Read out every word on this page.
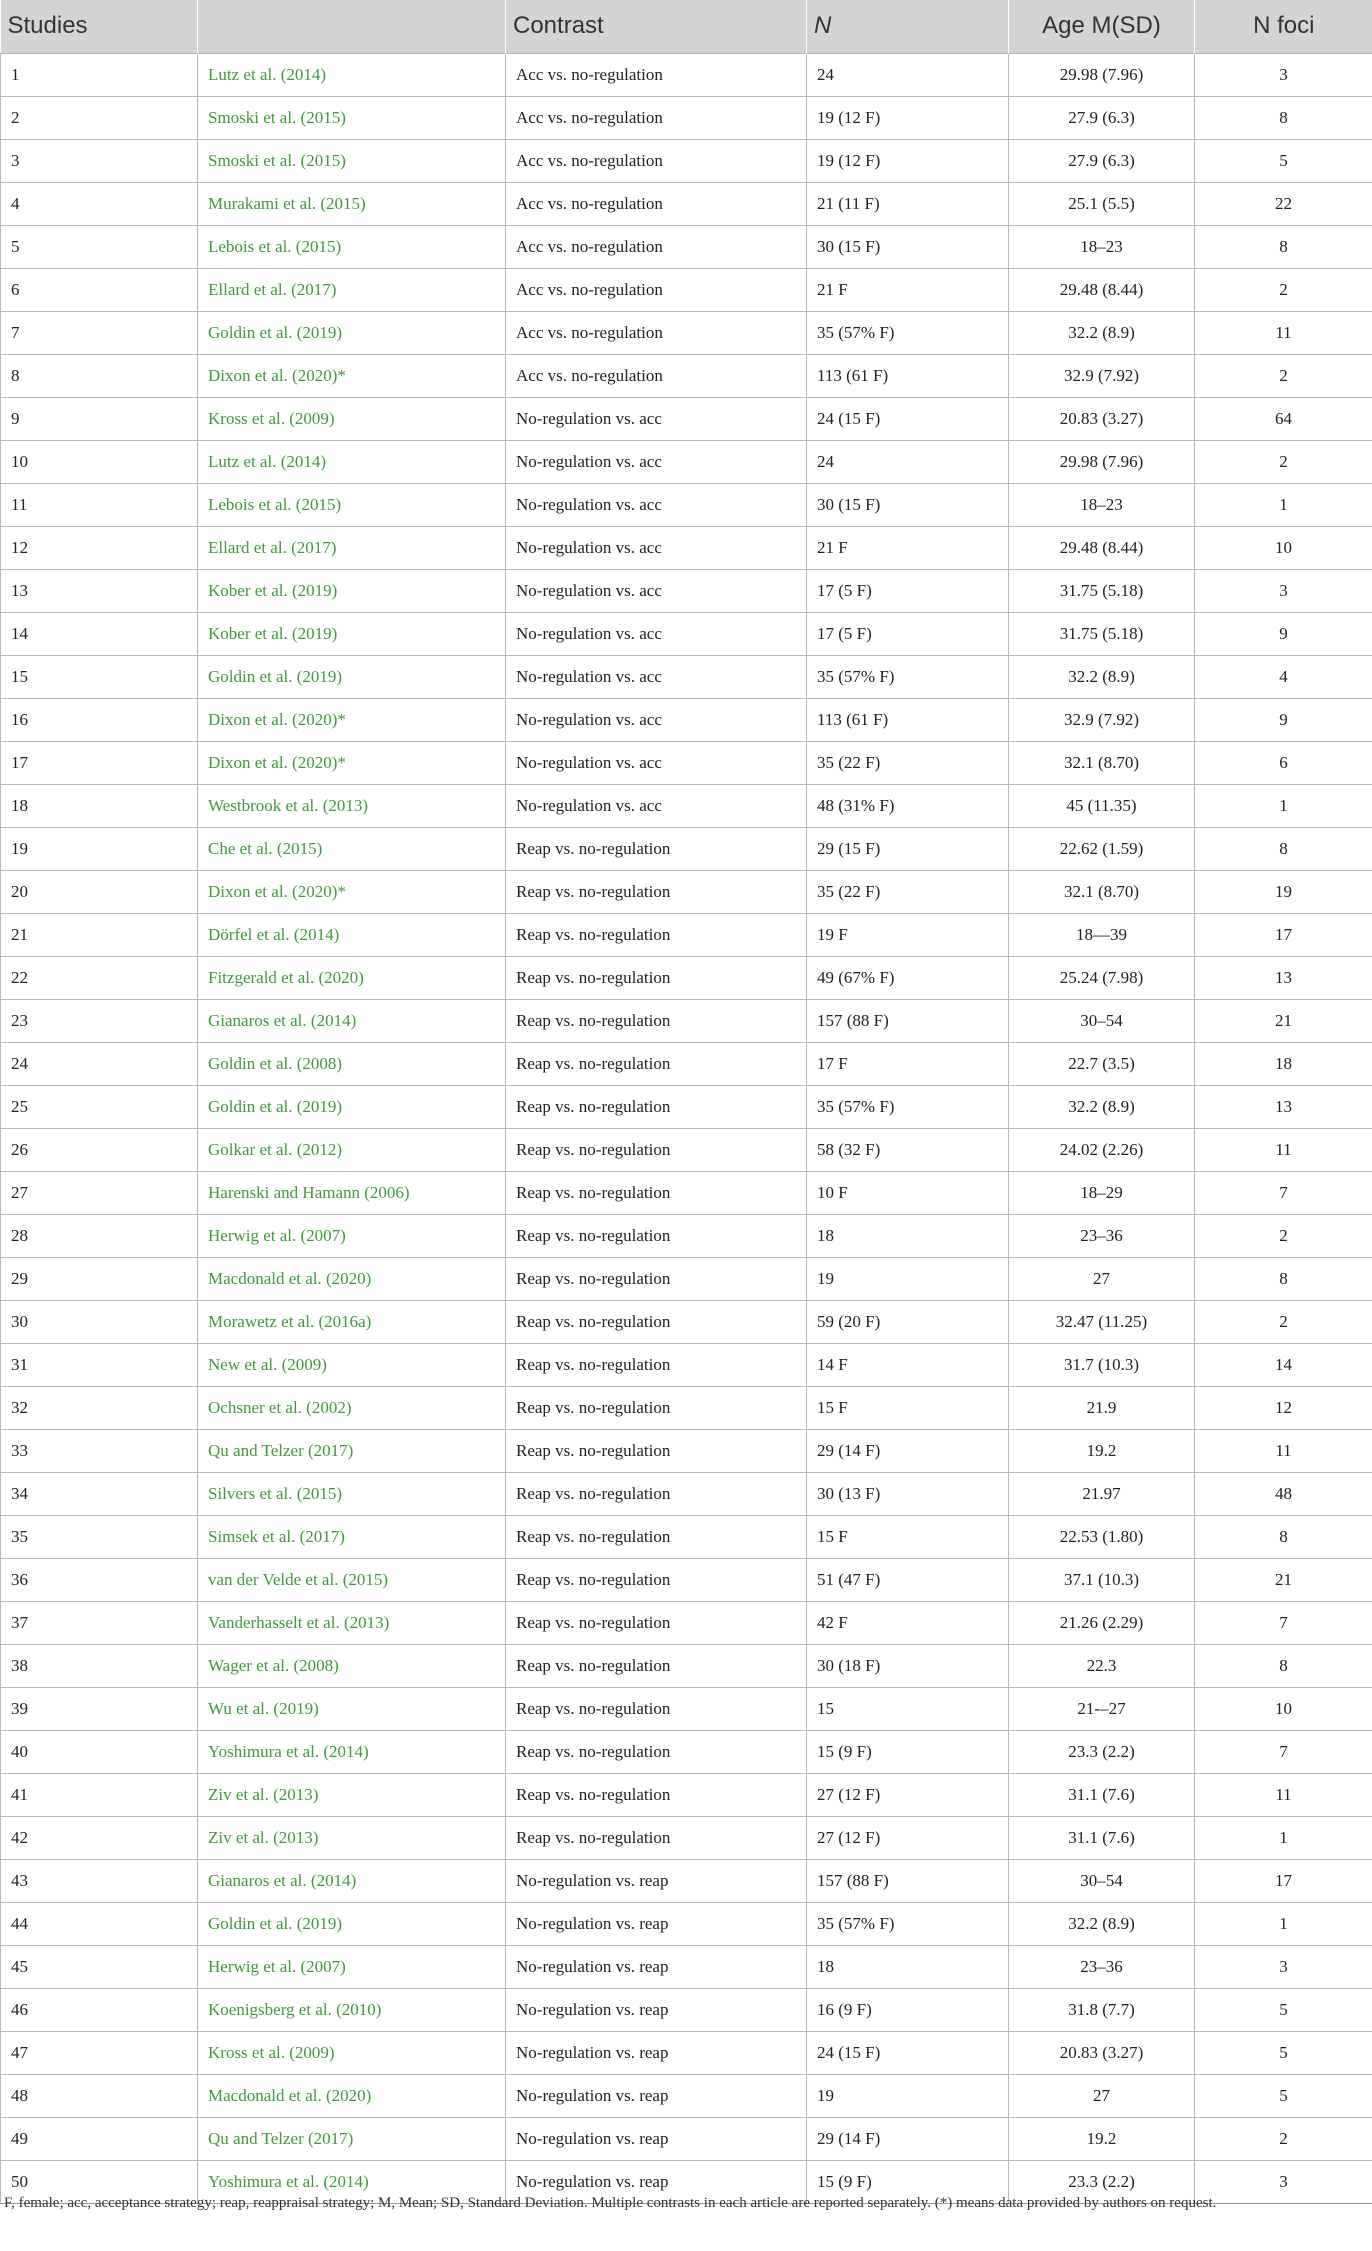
Studies		Contrast	N	Age M(SD)	N foci
1	Lutz et al. (2014)	Acc vs. no-regulation	24	29.98 (7.96)	3
2	Smoski et al. (2015)	Acc vs. no-regulation	19 (12 F)	27.9 (6.3)	8
3	Smoski et al. (2015)	Acc vs. no-regulation	19 (12 F)	27.9 (6.3)	5
4	Murakami et al. (2015)	Acc vs. no-regulation	21 (11 F)	25.1 (5.5)	22
5	Lebois et al. (2015)	Acc vs. no-regulation	30 (15 F)	18–23	8
6	Ellard et al. (2017)	Acc vs. no-regulation	21 F	29.48 (8.44)	2
7	Goldin et al. (2019)	Acc vs. no-regulation	35 (57% F)	32.2 (8.9)	11
8	Dixon et al. (2020)*	Acc vs. no-regulation	113 (61 F)	32.9 (7.92)	2
9	Kross et al. (2009)	No-regulation vs. acc	24 (15 F)	20.83 (3.27)	64
10	Lutz et al. (2014)	No-regulation vs. acc	24	29.98 (7.96)	2
11	Lebois et al. (2015)	No-regulation vs. acc	30 (15 F)	18–23	1
12	Ellard et al. (2017)	No-regulation vs. acc	21 F	29.48 (8.44)	10
13	Kober et al. (2019)	No-regulation vs. acc	17 (5 F)	31.75 (5.18)	3
14	Kober et al. (2019)	No-regulation vs. acc	17 (5 F)	31.75 (5.18)	9
15	Goldin et al. (2019)	No-regulation vs. acc	35 (57% F)	32.2 (8.9)	4
16	Dixon et al. (2020)*	No-regulation vs. acc	113 (61 F)	32.9 (7.92)	9
17	Dixon et al. (2020)*	No-regulation vs. acc	35 (22 F)	32.1 (8.70)	6
18	Westbrook et al. (2013)	No-regulation vs. acc	48 (31% F)	45 (11.35)	1
19	Che et al. (2015)	Reap vs. no-regulation	29 (15 F)	22.62 (1.59)	8
20	Dixon et al. (2020)*	Reap vs. no-regulation	35 (22 F)	32.1 (8.70)	19
21	Dörfel et al. (2014)	Reap vs. no-regulation	19 F	18—39	17
22	Fitzgerald et al. (2020)	Reap vs. no-regulation	49 (67% F)	25.24 (7.98)	13
23	Gianaros et al. (2014)	Reap vs. no-regulation	157 (88 F)	30–54	21
24	Goldin et al. (2008)	Reap vs. no-regulation	17 F	22.7 (3.5)	18
25	Goldin et al. (2019)	Reap vs. no-regulation	35 (57% F)	32.2 (8.9)	13
26	Golkar et al. (2012)	Reap vs. no-regulation	58 (32 F)	24.02 (2.26)	11
27	Harenski and Hamann (2006)	Reap vs. no-regulation	10 F	18–29	7
28	Herwig et al. (2007)	Reap vs. no-regulation	18	23–36	2
29	Macdonald et al. (2020)	Reap vs. no-regulation	19	27	8
30	Morawetz et al. (2016a)	Reap vs. no-regulation	59 (20 F)	32.47 (11.25)	2
31	New et al. (2009)	Reap vs. no-regulation	14 F	31.7 (10.3)	14
32	Ochsner et al. (2002)	Reap vs. no-regulation	15 F	21.9	12
33	Qu and Telzer (2017)	Reap vs. no-regulation	29 (14 F)	19.2	11
34	Silvers et al. (2015)	Reap vs. no-regulation	30 (13 F)	21.97	48
35	Simsek et al. (2017)	Reap vs. no-regulation	15 F	22.53 (1.80)	8
36	van der Velde et al. (2015)	Reap vs. no-regulation	51 (47 F)	37.1 (10.3)	21
37	Vanderhasselt et al. (2013)	Reap vs. no-regulation	42 F	21.26 (2.29)	7
38	Wager et al. (2008)	Reap vs. no-regulation	30 (18 F)	22.3	8
39	Wu et al. (2019)	Reap vs. no-regulation	15	21-–27	10
40	Yoshimura et al. (2014)	Reap vs. no-regulation	15 (9 F)	23.3 (2.2)	7
41	Ziv et al. (2013)	Reap vs. no-regulation	27 (12 F)	31.1 (7.6)	11
42	Ziv et al. (2013)	Reap vs. no-regulation	27 (12 F)	31.1 (7.6)	1
43	Gianaros et al. (2014)	No-regulation vs. reap	157 (88 F)	30–54	17
44	Goldin et al. (2019)	No-regulation vs. reap	35 (57% F)	32.2 (8.9)	1
45	Herwig et al. (2007)	No-regulation vs. reap	18	23–36	3
46	Koenigsberg et al. (2010)	No-regulation vs. reap	16 (9 F)	31.8 (7.7)	5
47	Kross et al. (2009)	No-regulation vs. reap	24 (15 F)	20.83 (3.27)	5
48	Macdonald et al. (2020)	No-regulation vs. reap	19	27	5
49	Qu and Telzer (2017)	No-regulation vs. reap	29 (14 F)	19.2	2
50	Yoshimura et al. (2014)	No-regulation vs. reap	15 (9 F)	23.3 (2.2)	3
F, female; acc, acceptance strategy; reap, reappraisal strategy; M, Mean; SD, Standard Deviation. Multiple contrasts in each article are reported separately. (*) means data provided by authors on request.
